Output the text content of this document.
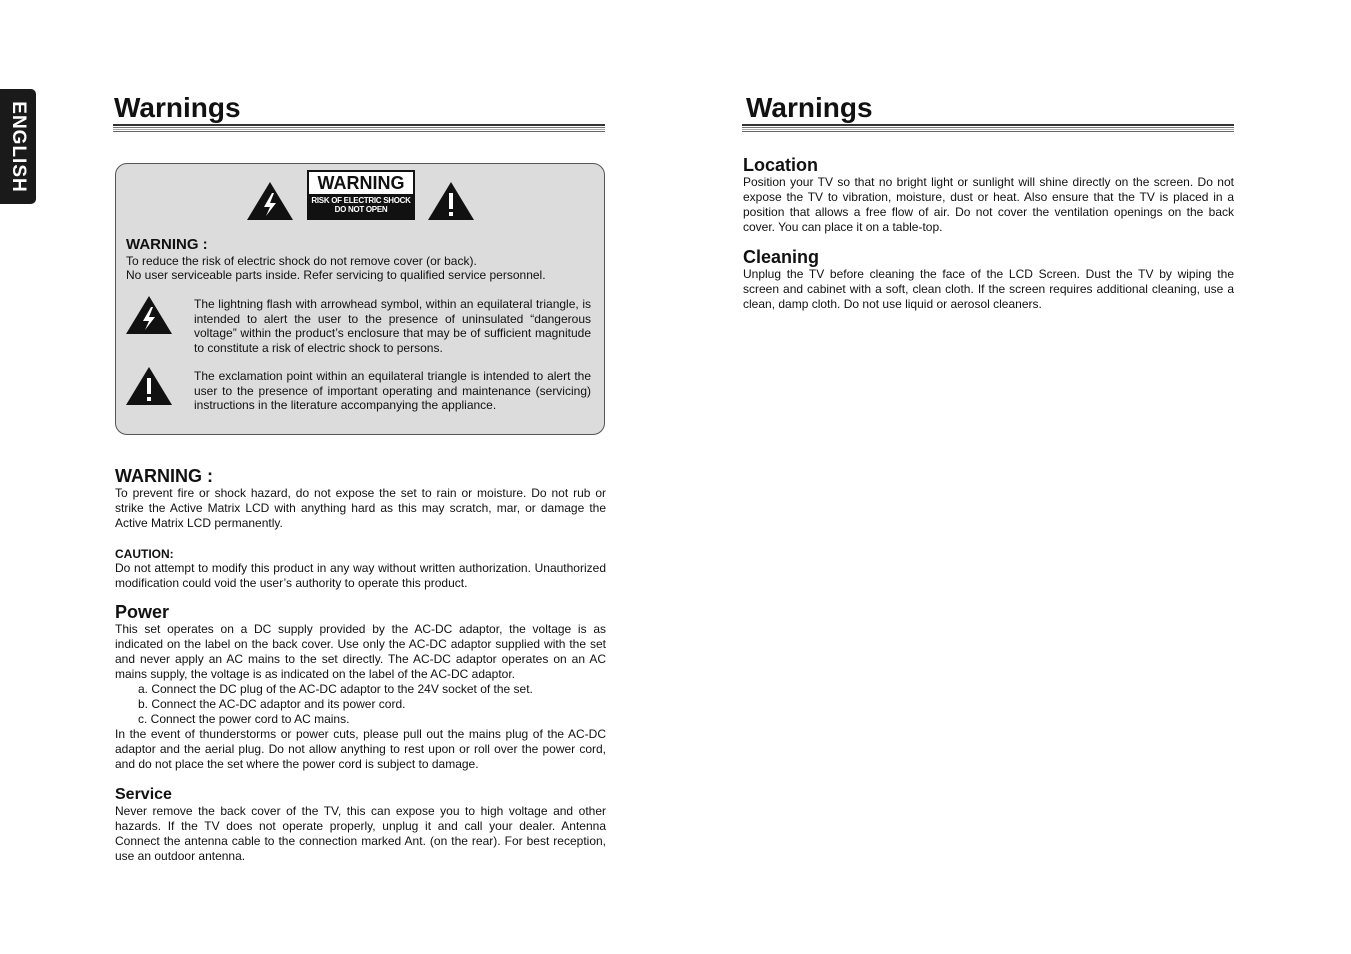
ENGLISH	Warnings
WARNING
RISK OF ELECTRIC SHOCK
DO NOT OPEN
WARNING :
To reduce the risk of electric shock do not remove cover (or back).
No user serviceable parts inside. Refer servicing to qualified service personnel.
The lightning flash with arrowhead symbol, within an equilateral triangle, is intended to alert the user to the presence of uninsulated “dangerous voltage” within the product’s enclosure that may be of sufficient magnitude to constitute a risk of electric shock to persons.
The exclamation point within an equilateral triangle is intended to alert the user to the presence of important operating and maintenance (servicing) instructions in the literature accompanying the appliance.
WARNING :
To prevent fire or shock hazard, do not expose the set to rain or moisture. Do not rub or strike the Active Matrix LCD with anything hard as this may scratch, mar, or damage the Active Matrix LCD permanently.
CAUTION:
Do not attempt to modify this product in any way without written authorization. Unauthorized modification could void the user’s authority to operate this product.
Power
This set operates on a DC supply provided by the AC-DC adaptor, the voltage is as indicated on the label on the back cover. Use only the AC-DC adaptor supplied with the set and never apply an AC mains to the set directly. The AC-DC adaptor operates on an AC mains supply, the voltage is as indicated on the label of the AC-DC adaptor.
a. Connect the DC plug of the AC-DC adaptor to the 24V socket of the set.
b. Connect the AC-DC adaptor and its power cord.
c. Connect the power cord to AC mains.
In the event of thunderstorms or power cuts, please pull out the mains plug of the AC-DC adaptor and the aerial plug. Do not allow anything to rest upon or roll over the power cord, and do not place the set where the power cord is subject to damage.
Service
Never remove the back cover of the TV, this can expose you to high voltage and other hazards. If the TV does not operate properly, unplug it and call your dealer. Antenna Connect the antenna cable to the connection marked Ant. (on the rear). For best reception, use an outdoor antenna.
Warnings
Location
Position your TV so that no bright light or sunlight will shine directly on the screen. Do not expose the TV to vibration, moisture, dust or heat. Also ensure that the TV is placed in a position that allows a free flow of air. Do not cover the ventilation openings on the back cover. You can place it on a table-top.
Cleaning
Unplug the TV before cleaning the face of the LCD Screen. Dust the TV by wiping the screen and cabinet with a soft, clean cloth. If the screen requires additional cleaning, use a clean, damp cloth. Do not use liquid or aerosol cleaners.
